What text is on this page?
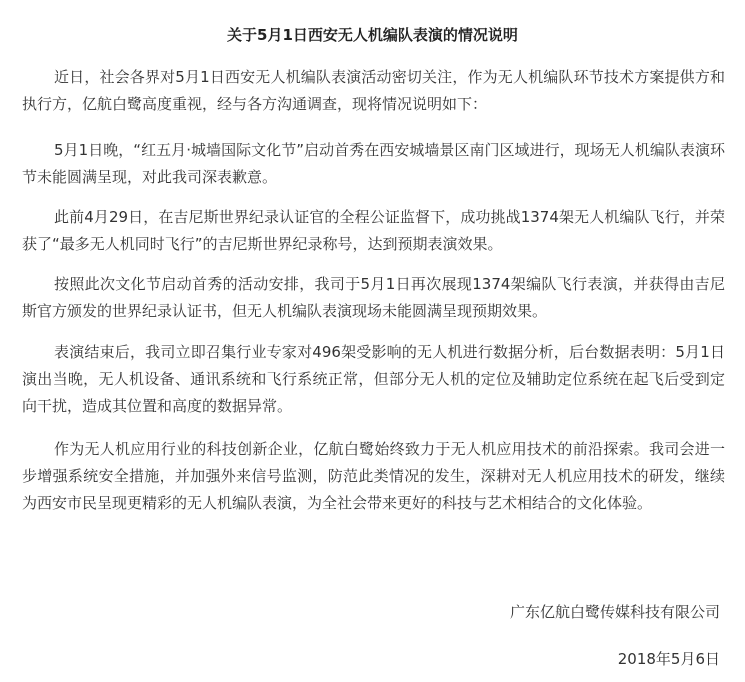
关于5月1日西安无人机编队表演的情况说明

近日，社会各界对5月1日西安无人机编队表演活动密切关注，作为无人机编队环节技术方案提供方和执行方，亿航白鹭高度重视，经与各方沟通调查，现将情况说明如下：

5月1日晚，“红五月·城墙国际文化节”启动首秀在西安城墙景区南门区域进行，现场无人机编队表演环节未能圆满呈现，对此我司深表歉意。

此前4月29日，在吉尼斯世界纪录认证官的全程公证监督下，成功挑战1374架无人机编队飞行，并荣获了“最多无人机同时飞行”的吉尼斯世界纪录称号，达到预期表演效果。

按照此次文化节启动首秀的活动安排，我司于5月1日再次展现1374架编队飞行表演，并获得由吉尼斯官方颁发的世界纪录认证书，但无人机编队表演现场未能圆满呈现预期效果。

表演结束后，我司立即召集行业专家对496架受影响的无人机进行数据分析，后台数据表明：5月1日演出当晚，无人机设备、通讯系统和飞行系统正常，但部分无人机的定位及辅助定位系统在起飞后受到定向干扰，造成其位置和高度的数据异常。

作为无人机应用行业的科技创新企业，亿航白鹭始终致力于无人机应用技术的前沿探索。我司会进一步增强系统安全措施，并加强外来信号监测，防范此类情况的发生，深耕对无人机应用技术的研发，继续为西安市民呈现更精彩的无人机编队表演，为全社会带来更好的科技与艺术相结合的文化体验。

广东亿航白鹭传媒科技有限公司
2018年5月6日
